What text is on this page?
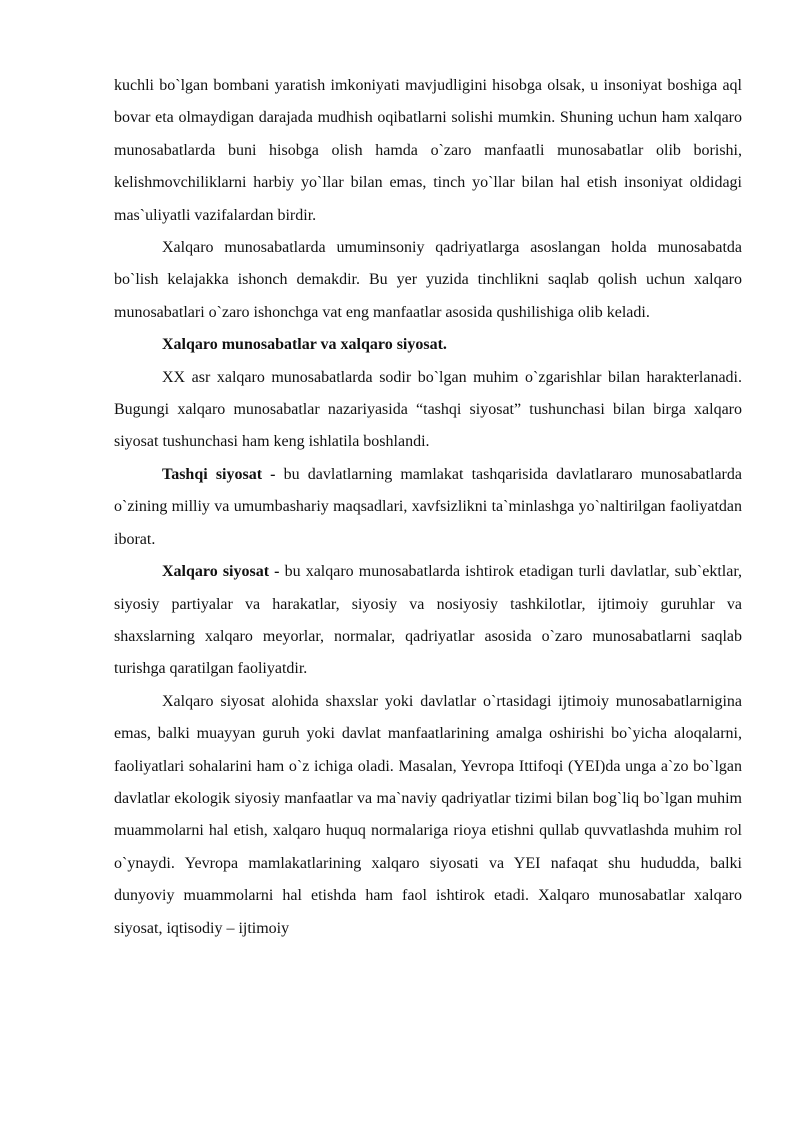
kuchli bo`lgan bombani yaratish imkoniyati mavjudligini hisobga olsak, u insoniyat boshiga aql bovar eta olmaydigan darajada mudhish oqibatlarni solishi mumkin. Shuning uchun ham xalqaro munosabatlarda buni hisobga olish hamda o`zaro manfaatli munosabatlar olib borishi, kelishmovchiliklarni harbiy yo`llar bilan emas, tinch yo`llar bilan hal etish insoniyat oldidagi mas`uliyatli vazifalardan birdir.

Xalqaro munosabatlarda umuminsoniy qadriyatlarga asoslangan holda munosabatda bo`lish kelajakka ishonch demakdir. Bu yer yuzida tinchlikni saqlab qolish uchun xalqaro munosabatlari o`zaro ishonchga vat eng manfaatlar asosida qushilishiga olib keladi.

Xalqaro munosabatlar va xalqaro siyosat.

XX asr xalqaro munosabatlarda sodir bo`lgan muhim o`zgarishlar bilan harakterlanadi. Bugungi xalqaro munosabatlar nazariyasida “tashqi siyosat” tushunchasi bilan birga xalqaro siyosat tushunchasi ham keng ishlatila boshlandi.

Tashqi siyosat - bu davlatlarning mamlakat tashqarisida davlatlararo munosabatlarda o`zining milliy va umumbashariy maqsadlari, xavfsizlikni ta`minlashga yo`naltirilgan faoliyatdan iborat.

Xalqaro siyosat - bu xalqaro munosabatlarda ishtirok etadigan turli davlatlar, sub`ektlar, siyosiy partiyalar va harakatlar, siyosiy va nosiyosiy tashkilotlar, ijtimoiy guruhlar va shaxslarning xalqaro meyorlar, normalar, qadriyatlar asosida o`zaro munosabatlarni saqlab turishga qaratilgan faoliyatdir.

Xalqaro siyosat alohida shaxslar yoki davlatlar o`rtasidagi ijtimoiy munosabatlarnigina emas, balki muayyan guruh yoki davlat manfaatlarining amalga oshirishi bo`yicha aloqalarni, faoliyatlari sohalarini ham o`z ichiga oladi. Masalan, Yevropa Ittifoqi (YEI)da unga a`zo bo`lgan davlatlar ekologik siyosiy manfaatlar va ma`naviy qadriyatlar tizimi bilan bog`liq bo`lgan muhim muammolarni hal etish, xalqaro huquq normalariga rioya etishni qullab quvvatlashda muhim rol o`ynaydi. Yevropa mamlakatlarining xalqaro siyosati va YEI nafaqat shu hududda, balki dunyoviy muammolarni hal etishda ham faol ishtirok etadi. Xalqaro munosabatlar xalqaro siyosat, iqtisodiy – ijtimoiy
